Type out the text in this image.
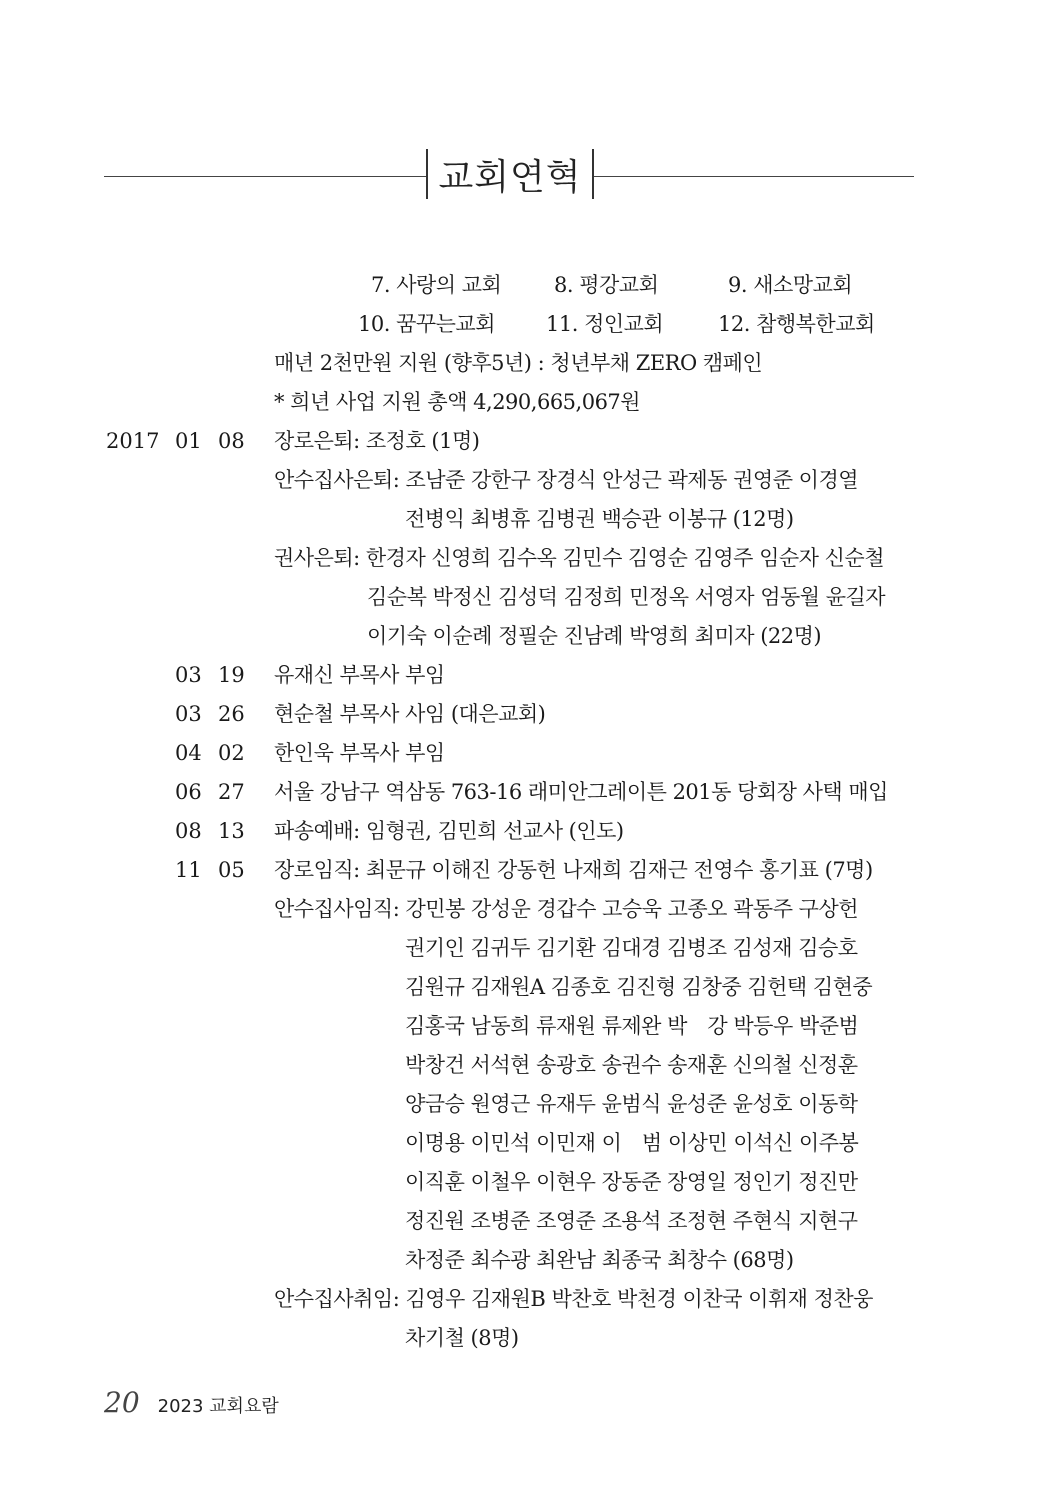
교회연혁
7. 사랑의 교회	8. 평강교회	9. 새소망교회
10. 꿈꾸는교회 11. 정인교회	12. 참행복한교회
매년 2천만원 지원 (향후5년) : 청년부채 ZERO 캠페인
* 희년 사업 지원 총액 4,290,665,067원
2017 01 08 장로은퇴: 조정호 (1명)
안수집사은퇴: 조남준 강한구 장경식 안성근 곽제동 권영준 이경열
전병익 최병휴 김병권 백승관 이봉규 (12명)
권사은퇴: 한경자 신영희 김수옥 김민수 김영순 김영주 임순자 신순철
김순복 박정신 김성덕 김정희 민정옥 서영자 엄동월 윤길자
이기숙 이순례 정필순 진남례 박영희 최미자 (22명)
03 19 유재신 부목사 부임
03 26 현순철 부목사 사임 (대은교회)
04 02 한인욱 부목사 부임
06 27 서울 강남구 역삼동 763-16 래미안그레이튼 201동 당회장 사택 매입
08 13 파송예배: 임형권, 김민희 선교사 (인도)
11 05 장로임직: 최문규 이해진 강동헌 나재희 김재근 전영수 홍기표 (7명)
안수집사임직: 강민봉 강성운 경갑수 고승욱 고종오 곽동주 구상헌
권기인 김귀두 김기환 김대경 김병조 김성재 김승호
김원규 김재원A 김종호 김진형 김창중 김헌택 김현중
김홍국 남동희 류재원 류제완 박　강 박등우 박준범
박창건 서석현 송광호 송권수 송재훈 신의철 신정훈
양금승 원영근 유재두 윤범식 윤성준 윤성호 이동학
이명용 이민석 이민재 이　범 이상민 이석신 이주봉
이직훈 이철우 이현우 장동준 장영일 정인기 정진만
정진원 조병준 조영준 조용석 조정현 주현식 지현구
차정준 최수광 최완남 최종국 최창수 (68명)
안수집사취임: 김영우 김재원B 박찬호 박천경 이찬국 이휘재 정찬웅
차기철 (8명)
20 2023 교회요람
